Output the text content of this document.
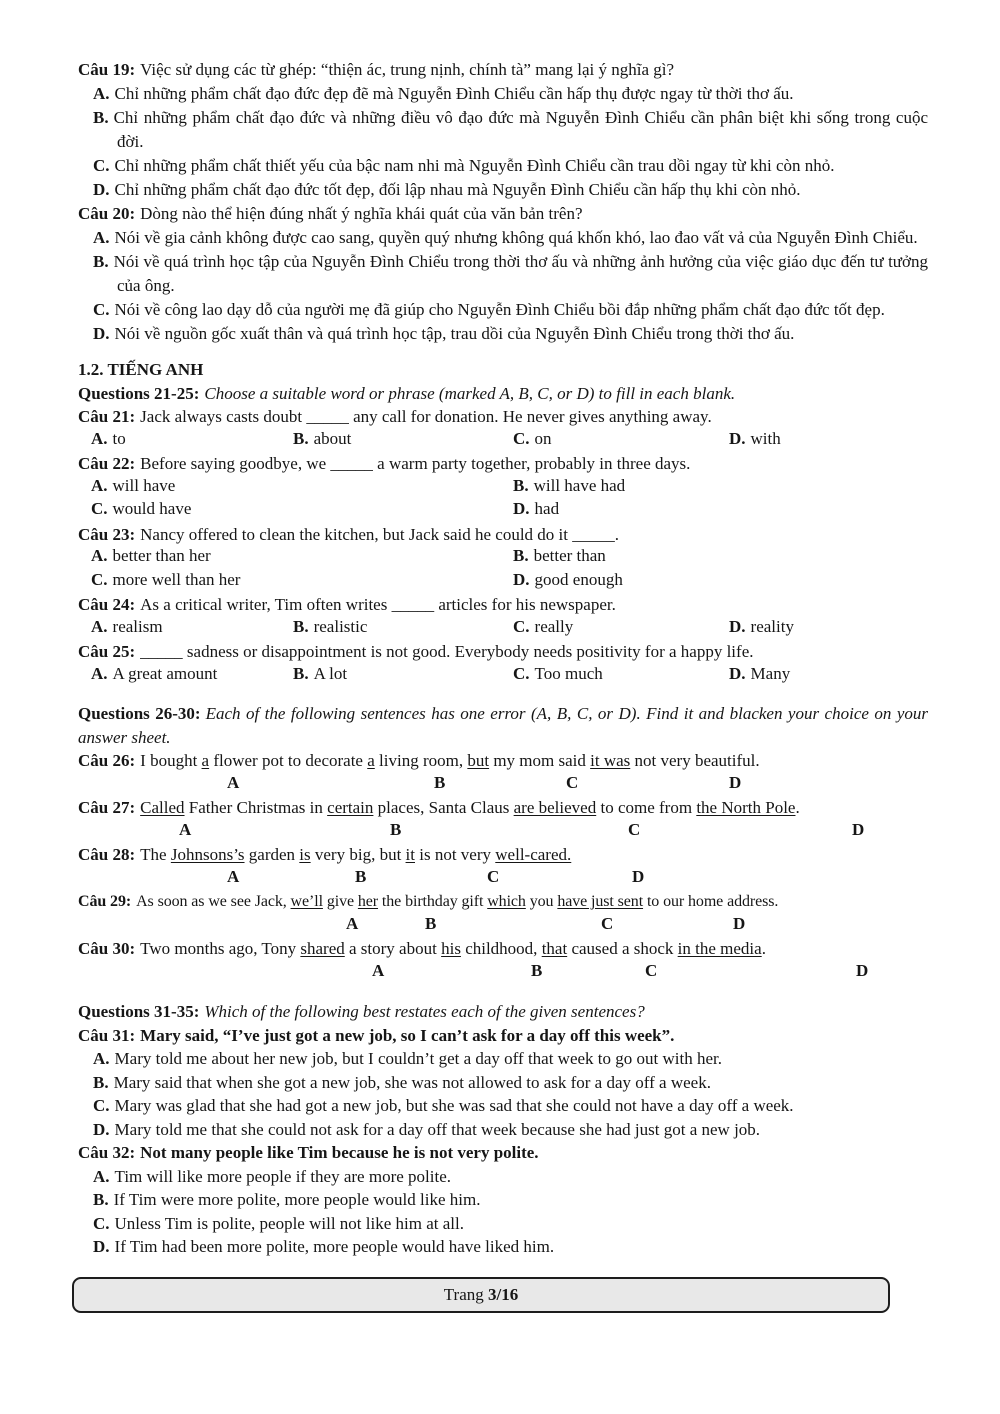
Câu 19: Việc sử dụng các từ ghép: “thiện ác, trung nịnh, chính tà” mang lại ý nghĩa gì?
A. Chỉ những phẩm chất đạo đức đẹp đẽ mà Nguyễn Đình Chiểu cần hấp thụ được ngay từ thời thơ ấu.
B. Chỉ những phẩm chất đạo đức và những điều vô đạo đức mà Nguyễn Đình Chiểu cần phân biệt khi sống trong cuộc đời.
C. Chỉ những phẩm chất thiết yếu của bậc nam nhi mà Nguyễn Đình Chiểu cần trau dồi ngay từ khi còn nhỏ.
D. Chỉ những phẩm chất đạo đức tốt đẹp, đối lập nhau mà Nguyễn Đình Chiểu cần hấp thụ khi còn nhỏ.
Câu 20: Dòng nào thể hiện đúng nhất ý nghĩa khái quát của văn bản trên?
A. Nói về gia cảnh không được cao sang, quyền quý nhưng không quá khốn khó, lao đao vất vả của Nguyễn Đình Chiểu.
B. Nói về quá trình học tập của Nguyễn Đình Chiểu trong thời thơ ấu và những ảnh hưởng của việc giáo dục đến tư tưởng của ông.
C. Nói về công lao dạy dỗ của người mẹ đã giúp cho Nguyễn Đình Chiểu bồi đắp những phẩm chất đạo đức tốt đẹp.
D. Nói về nguồn gốc xuất thân và quá trình học tập, trau dồi của Nguyễn Đình Chiểu trong thời thơ ấu.
1.2. TIẾNG ANH
Questions 21-25: Choose a suitable word or phrase (marked A, B, C, or D) to fill in each blank.
Câu 21: Jack always casts doubt _____ any call for donation. He never gives anything away.
A. to	B. about	C. on	D. with
Câu 22: Before saying goodbye, we _____ a warm party together, probably in three days.
A. will have	B. will have had
C. would have	D. had
Câu 23: Nancy offered to clean the kitchen, but Jack said he could do it _____.
A. better than her	B. better than
C. more well than her	D. good enough
Câu 24: As a critical writer, Tim often writes _____ articles for his newspaper.
A. realism	B. realistic	C. really	D. reality
Câu 25: _____ sadness or disappointment is not good. Everybody needs positivity for a happy life.
A. A great amount	B. A lot	C. Too much	D. Many
Questions 26-30: Each of the following sentences has one error (A, B, C, or D). Find it and blacken your choice on your answer sheet.
Câu 26: I bought a flower pot to decorate a living room, but my mom said it was not very beautiful.
A	B	C	D
Câu 27: Called Father Christmas in certain places, Santa Claus are believed to come from the North Pole.
A	B	C	D
Câu 28: The Johnsons’s garden is very big, but it is not very well-cared.
A	B	C	D
Câu 29: As soon as we see Jack, we’ll give her the birthday gift which you have just sent to our home address.
A	B	C	D
Câu 30: Two months ago, Tony shared a story about his childhood, that caused a shock in the media.
A	B	C	D
Questions 31-35: Which of the following best restates each of the given sentences?
Câu 31: Mary said, “I’ve just got a new job, so I can’t ask for a day off this week”.
A. Mary told me about her new job, but I couldn’t get a day off that week to go out with her.
B. Mary said that when she got a new job, she was not allowed to ask for a day off a week.
C. Mary was glad that she had got a new job, but she was sad that she could not have a day off a week.
D. Mary told me that she could not ask for a day off that week because she had just got a new job.
Câu 32: Not many people like Tim because he is not very polite.
A. Tim will like more people if they are more polite.
B. If Tim were more polite, more people would like him.
C. Unless Tim is polite, people will not like him at all.
D. If Tim had been more polite, more people would have liked him.
Trang 3/16
